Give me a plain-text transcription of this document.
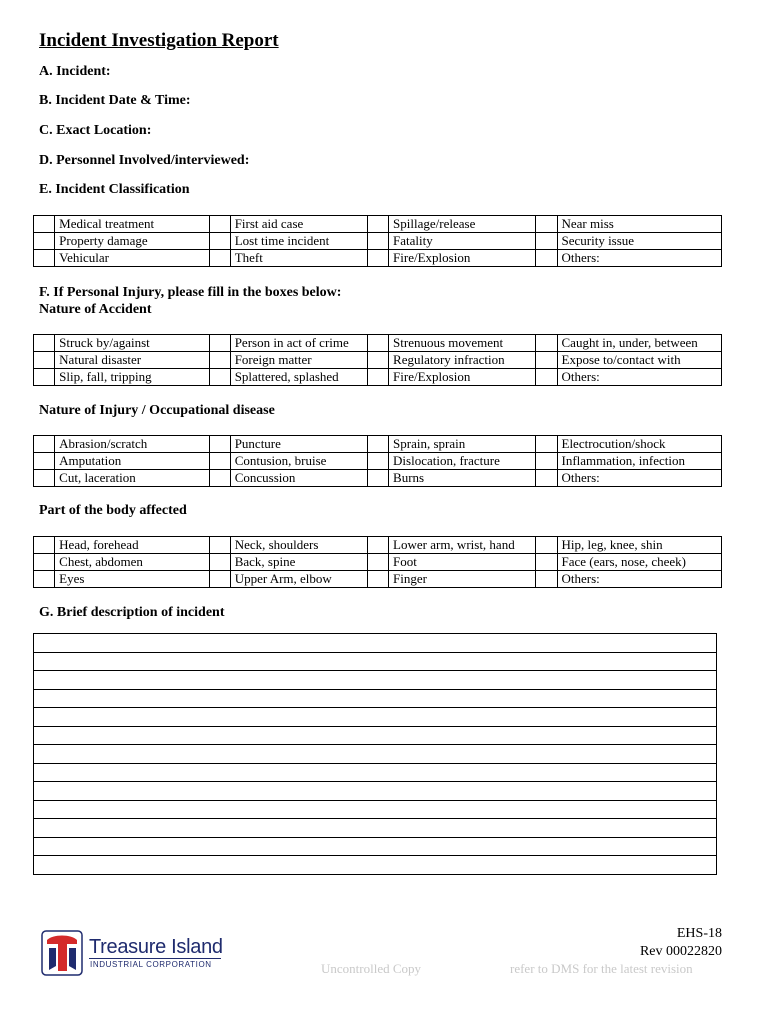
Incident Investigation Report
A. Incident:
B. Incident Date & Time:
C. Exact Location:
D. Personnel Involved/interviewed:
E. Incident Classification
	Medical treatment		First aid case		Spillage/release		Near miss
	Property damage		Lost time incident		Fatality		Security issue
	Vehicular		Theft		Fire/Explosion		Others:
F. If Personal Injury, please fill in the boxes below:
Nature of Accident
	Struck by/against		Person in act of crime		Strenuous movement		Caught in, under, between
	Natural disaster		Foreign matter		Regulatory infraction		Expose to/contact with
	Slip, fall, tripping		Splattered, splashed		Fire/Explosion		Others:
Nature of Injury / Occupational disease
	Abrasion/scratch		Puncture		Sprain, sprain		Electrocution/shock
	Amputation		Contusion, bruise		Dislocation, fracture		Inflammation, infection
	Cut, laceration		Concussion		Burns		Others:
Part of the body affected
	Head, forehead		Neck, shoulders		Lower arm, wrist, hand		Hip, leg, knee, shin
	Chest, abdomen		Back, spine		Foot		Face (ears, nose, cheek)
	Eyes		Upper Arm, elbow		Finger		Others:
G. Brief description of incident
Treasure Island
INDUSTRIAL CORPORATION
EHS-18
Rev 00022820
Uncontrolled Copy	refer to DMS for the latest revision
